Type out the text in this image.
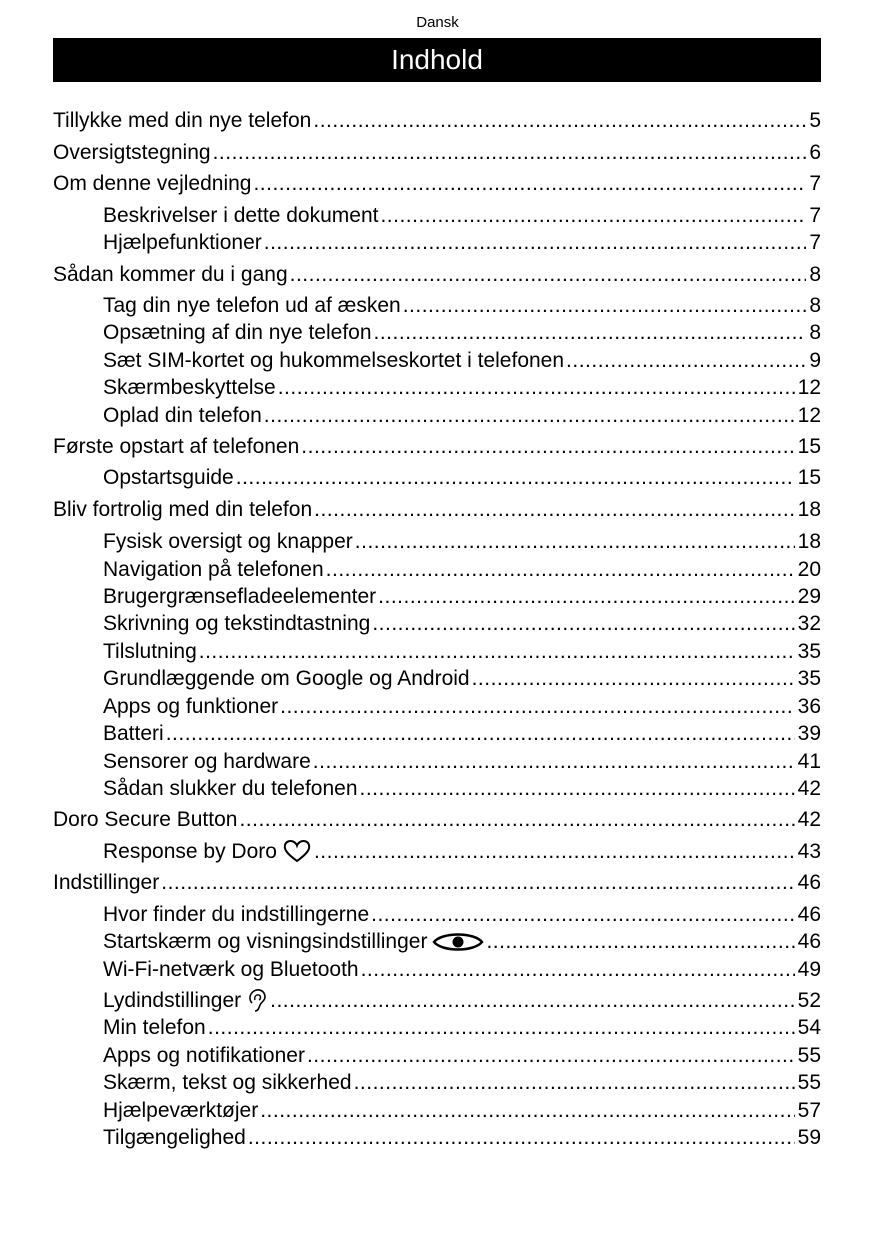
Dansk
Indhold
Tillykke med din nye telefon .....	5
Oversigtstegning .....	6
Om denne vejledning .....	7
Beskrivelser i dette dokument .....	7
Hjælpefunktioner .....	7
Sådan kommer du i gang .....	8
Tag din nye telefon ud af æsken .....	8
Opsætning af din nye telefon .....	8
Sæt SIM-kortet og hukommelseskortet i telefonen .....	9
Skærmbeskyttelse .....	12
Oplad din telefon .....	12
Første opstart af telefonen .....	15
Opstartsguide .....	15
Bliv fortrolig med din telefon .....	18
Fysisk oversigt og knapper .....	18
Navigation på telefonen .....	20
Brugergrænsefladeelementer .....	29
Skrivning og tekstindtastning .....	32
Tilslutning .....	35
Grundlæggende om Google og Android .....	35
Apps og funktioner .....	36
Batteri .....	39
Sensorer og hardware .....	41
Sådan slukker du telefonen .....	42
Doro Secure Button .....	42
Response by Doro .....	43
Indstillinger .....	46
Hvor finder du indstillingerne .....	46
Startskærm og visningsindstillinger .....	46
Wi-Fi-netværk og Bluetooth .....	49
Lydindstillinger .....	52
Min telefon .....	54
Apps og notifikationer .....	55
Skærm, tekst og sikkerhed .....	55
Hjælpeværktøjer .....	57
Tilgængelighed .....	59
